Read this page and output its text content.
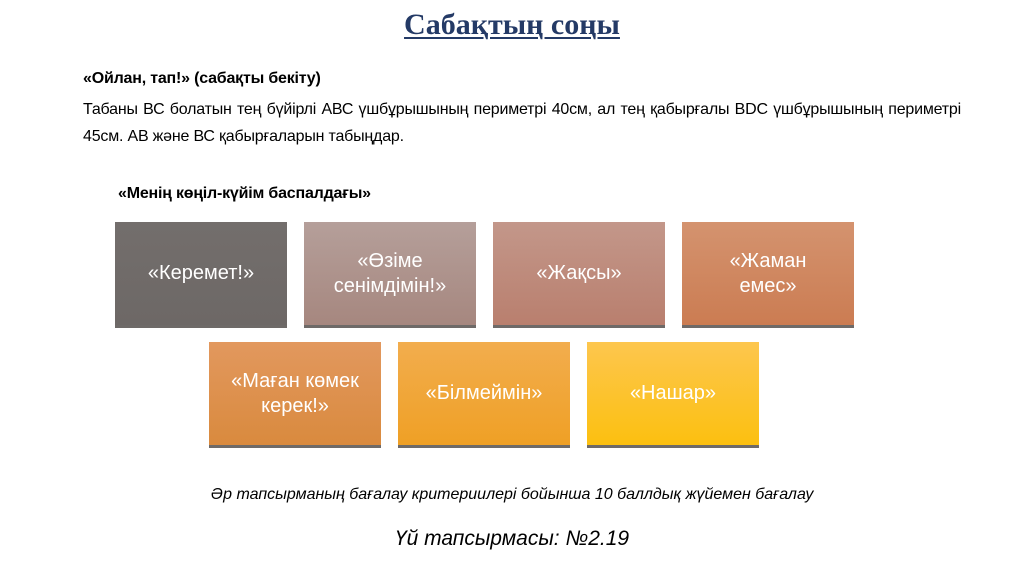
Сабақтың соңы
«Ойлан, тап!» (сабақты бекіту)
Табаны ВС болатын тең бүйірлі АВС үшбұрышының периметрі 40см, ал тең қабырғалы BDC үшбұрышының периметрі 45см. АВ және ВС қабырғаларын табыңдар.
«Менің көңіл-күйім баспалдағы»
«Керемет!»
«Өзіме сенімдімін!»
«Жақсы»
«Жаман емес»
«Маған көмек керек!»
«Білмеймін»	«Нашар»
Әр тапсырманың бағалау критериилері бойынша 10 баллдық жүйемен бағалау
Үй тапсырмасы: №2.19
